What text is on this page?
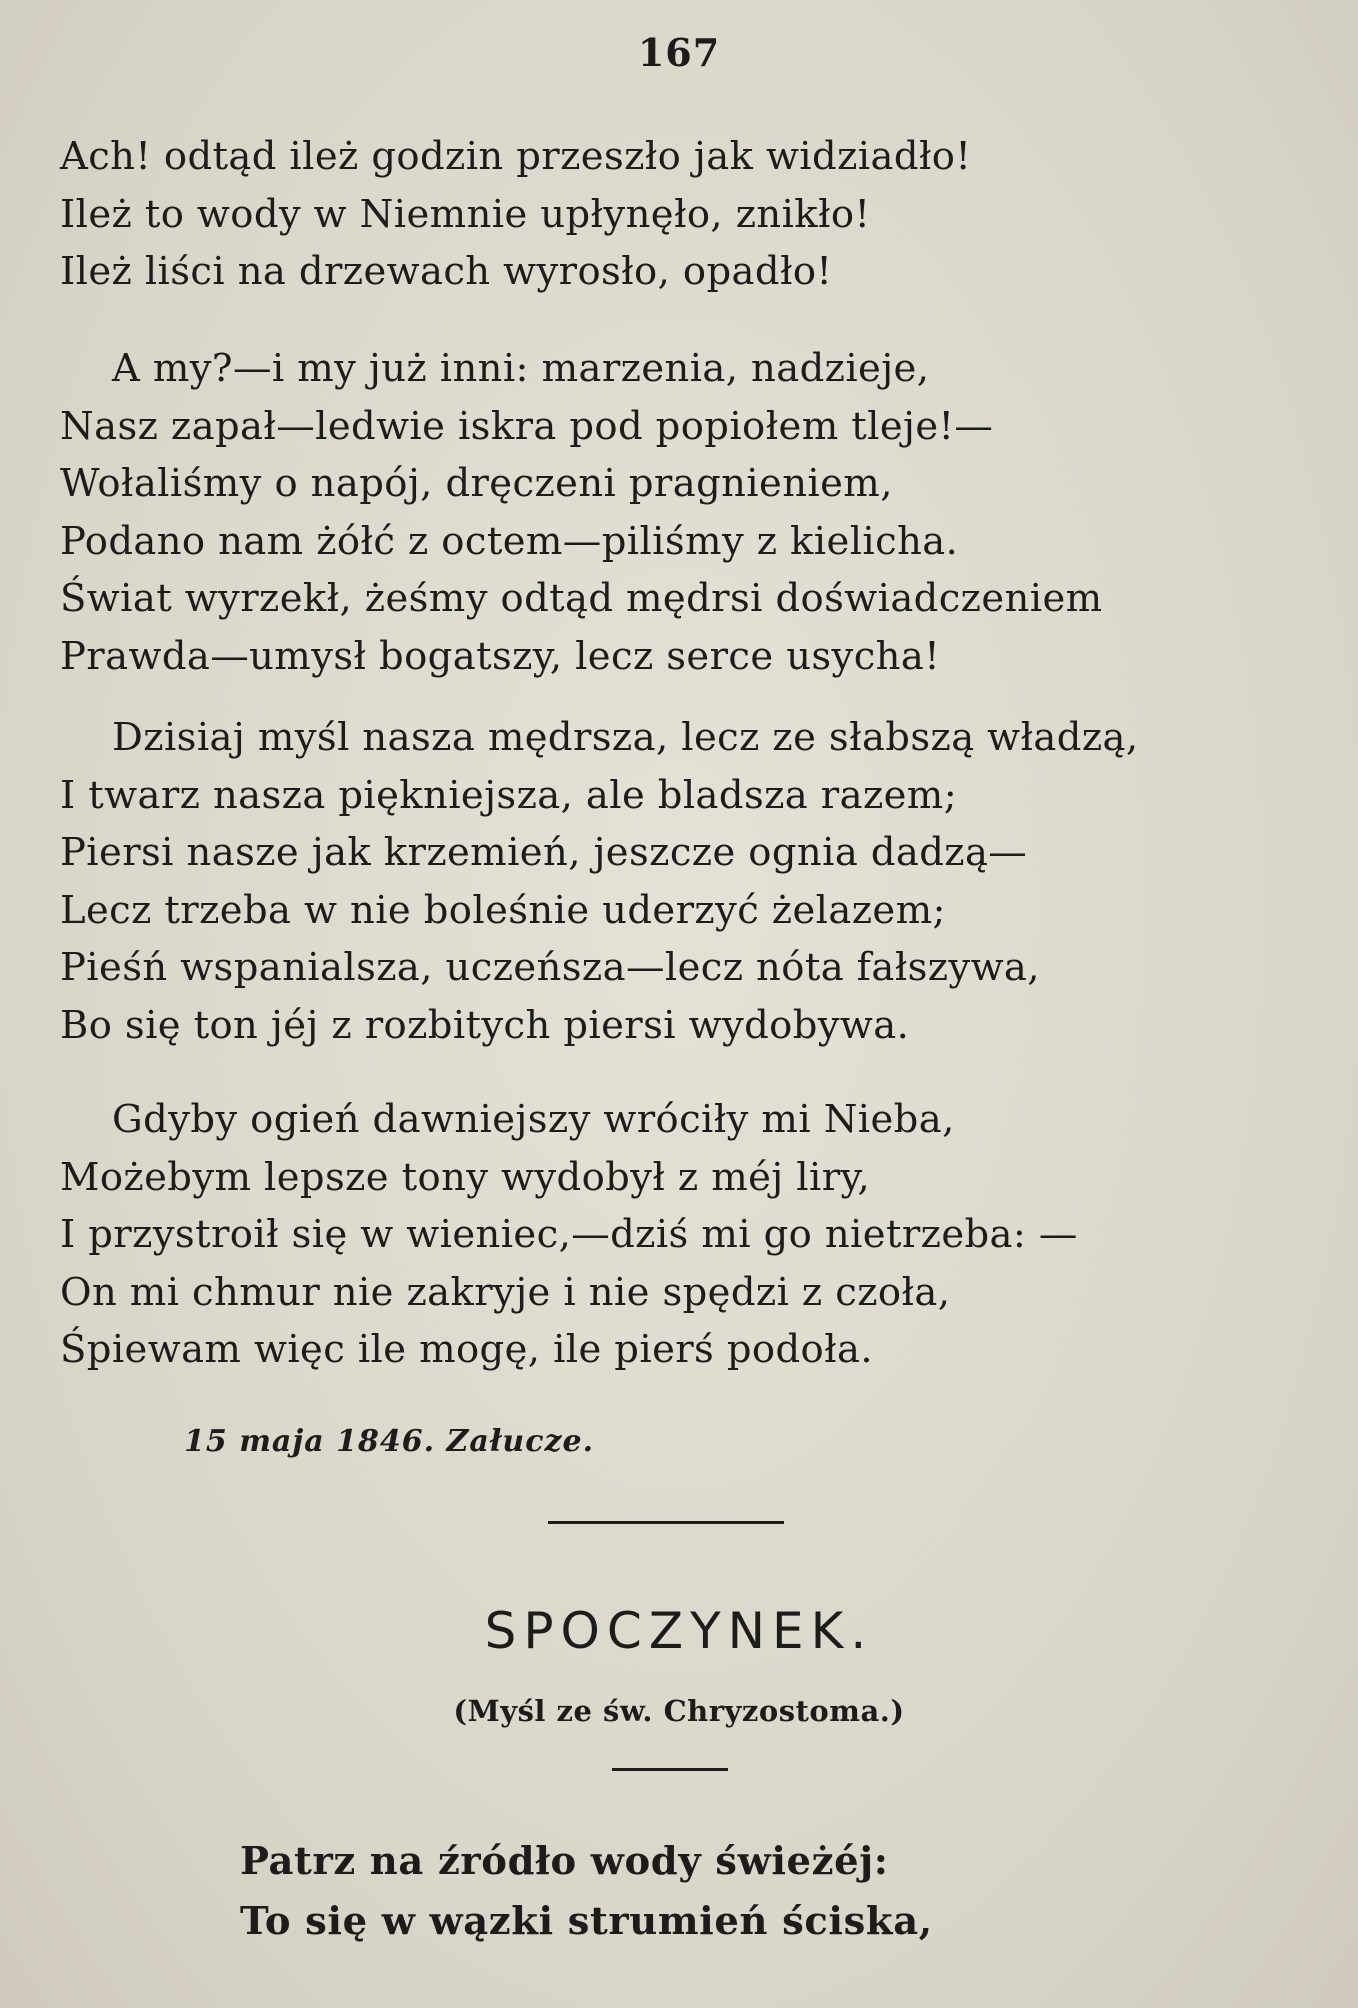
167
Ach! odtąd ileż godzin przeszło jak widziadło!
Ileż to wody w Niemnie upłynęło, znikło!
Ileż liści na drzewach wyrosło, opadło!
A my?—i my już inni: marzenia, nadzieje,
Nasz zapał—ledwie iskra pod popiołem tleje!—
Wołaliśmy o napój, dręczeni pragnieniem,
Podano nam żółć z octem—piliśmy z kielicha.
Świat wyrzekł, żeśmy odtąd mędrsi doświadczeniem
Prawda—umysł bogatszy, lecz serce usycha!
Dzisiaj myśl nasza mędrsza, lecz ze słabszą władzą,
I twarz nasza piękniejsza, ale bladsza razem;
Piersi nasze jak krzemień, jeszcze ognia dadzą—
Lecz trzeba w nie boleśnie uderzyć żelazem;
Pieśń wspanialsza, uczeńsza—lecz nóta fałszywa,
Bo się ton jéj z rozbitych piersi wydobywa.
Gdyby ogień dawniejszy wróciły mi Nieba,
Możebym lepsze tony wydobył z méj liry,
I przystroił się w wieniec,—dziś mi go nietrzeba: —
On mi chmur nie zakryje i nie spędzi z czoła,
Śpiewam więc ile mogę, ile pierś podoła.
15 maja 1846. Załucze.
SPOCZYNEK.
(Myśl ze św. Chryzostoma.)
Patrz na źródło wody świeżéj:
To się w wązki strumień ściska,
